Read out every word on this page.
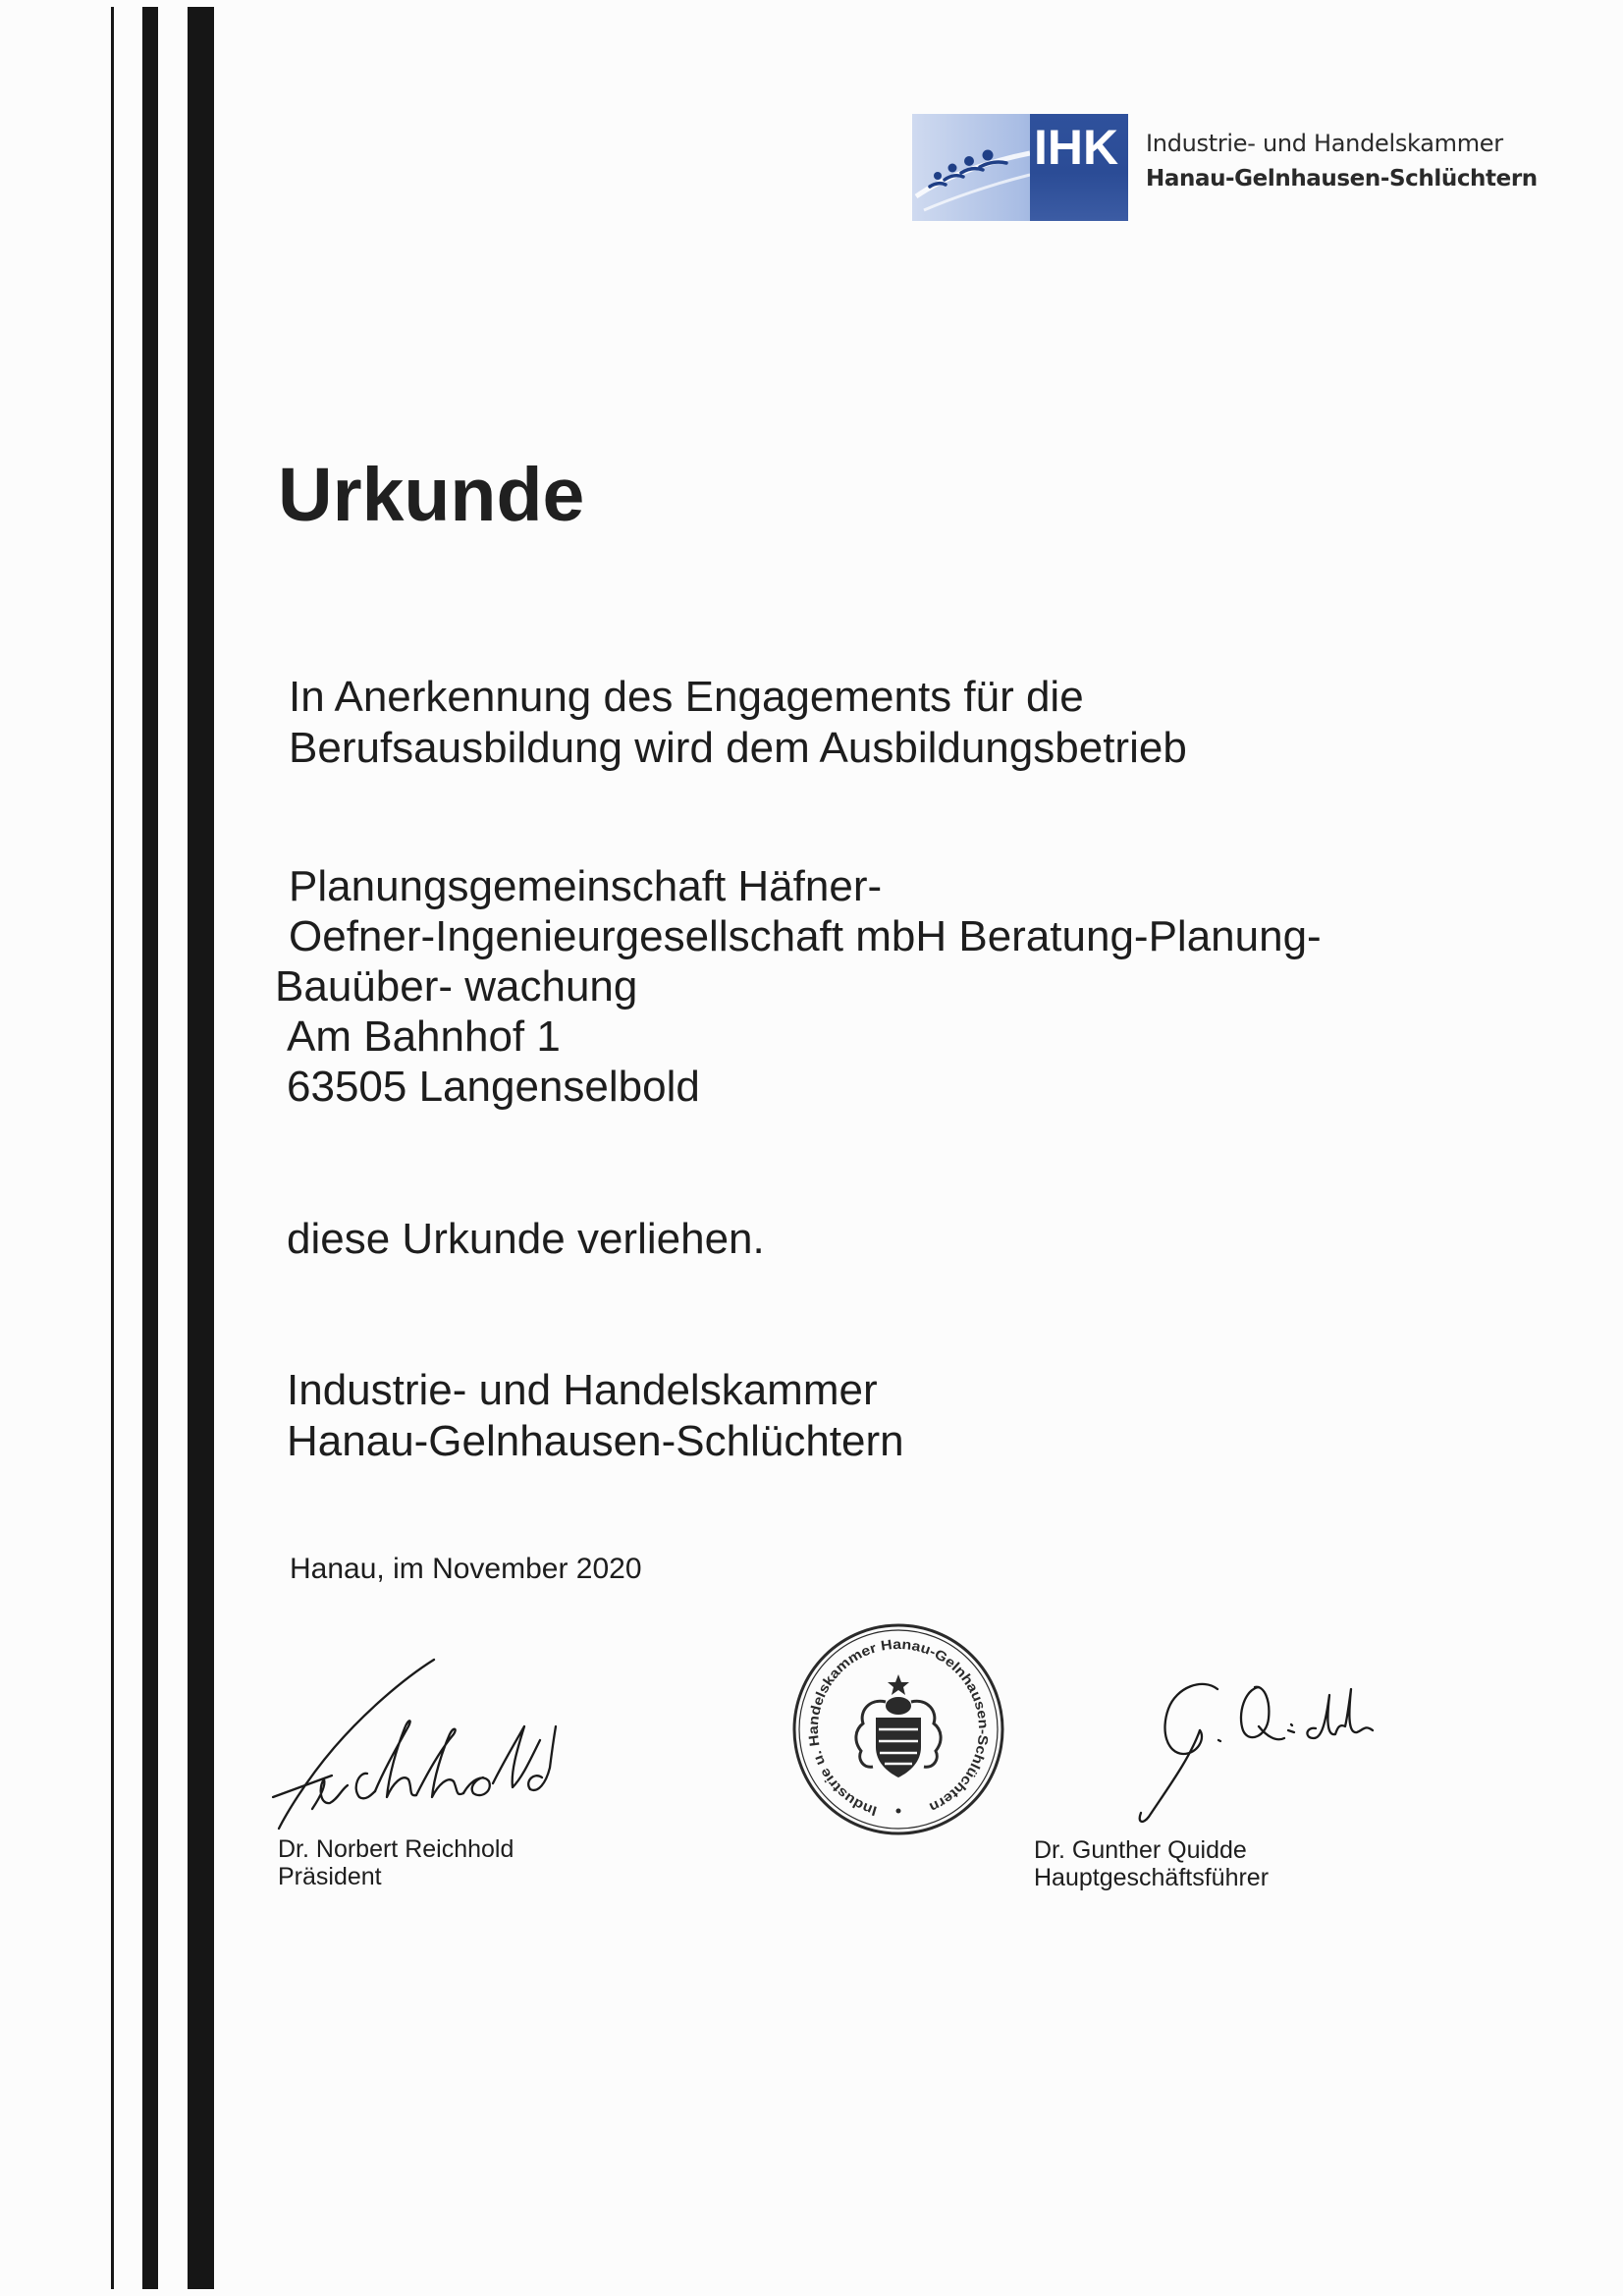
IHK Industrie- und Handelskammer
Hanau-Gelnhausen-Schlüchtern
Urkunde
In Anerkennung des Engagements für die
Berufsausbildung wird dem Ausbildungsbetrieb
Planungsgemeinschaft Häfner-
Oefner-Ingenieurgesellschaft mbH Beratung-Planung-
Bauüber- wachung
Am Bahnhof 1
63505 Langenselbold
diese Urkunde verliehen.
Industrie- und Handelskammer
Hanau-Gelnhausen-Schlüchtern
Hanau, im November 2020
Industrie u. Handelskammer Hanau-Gelnhausen-Schlüchtern
Dr. Norbert Reichhold
Präsident
Dr. Gunther Quidde
Hauptgeschäftsführer
